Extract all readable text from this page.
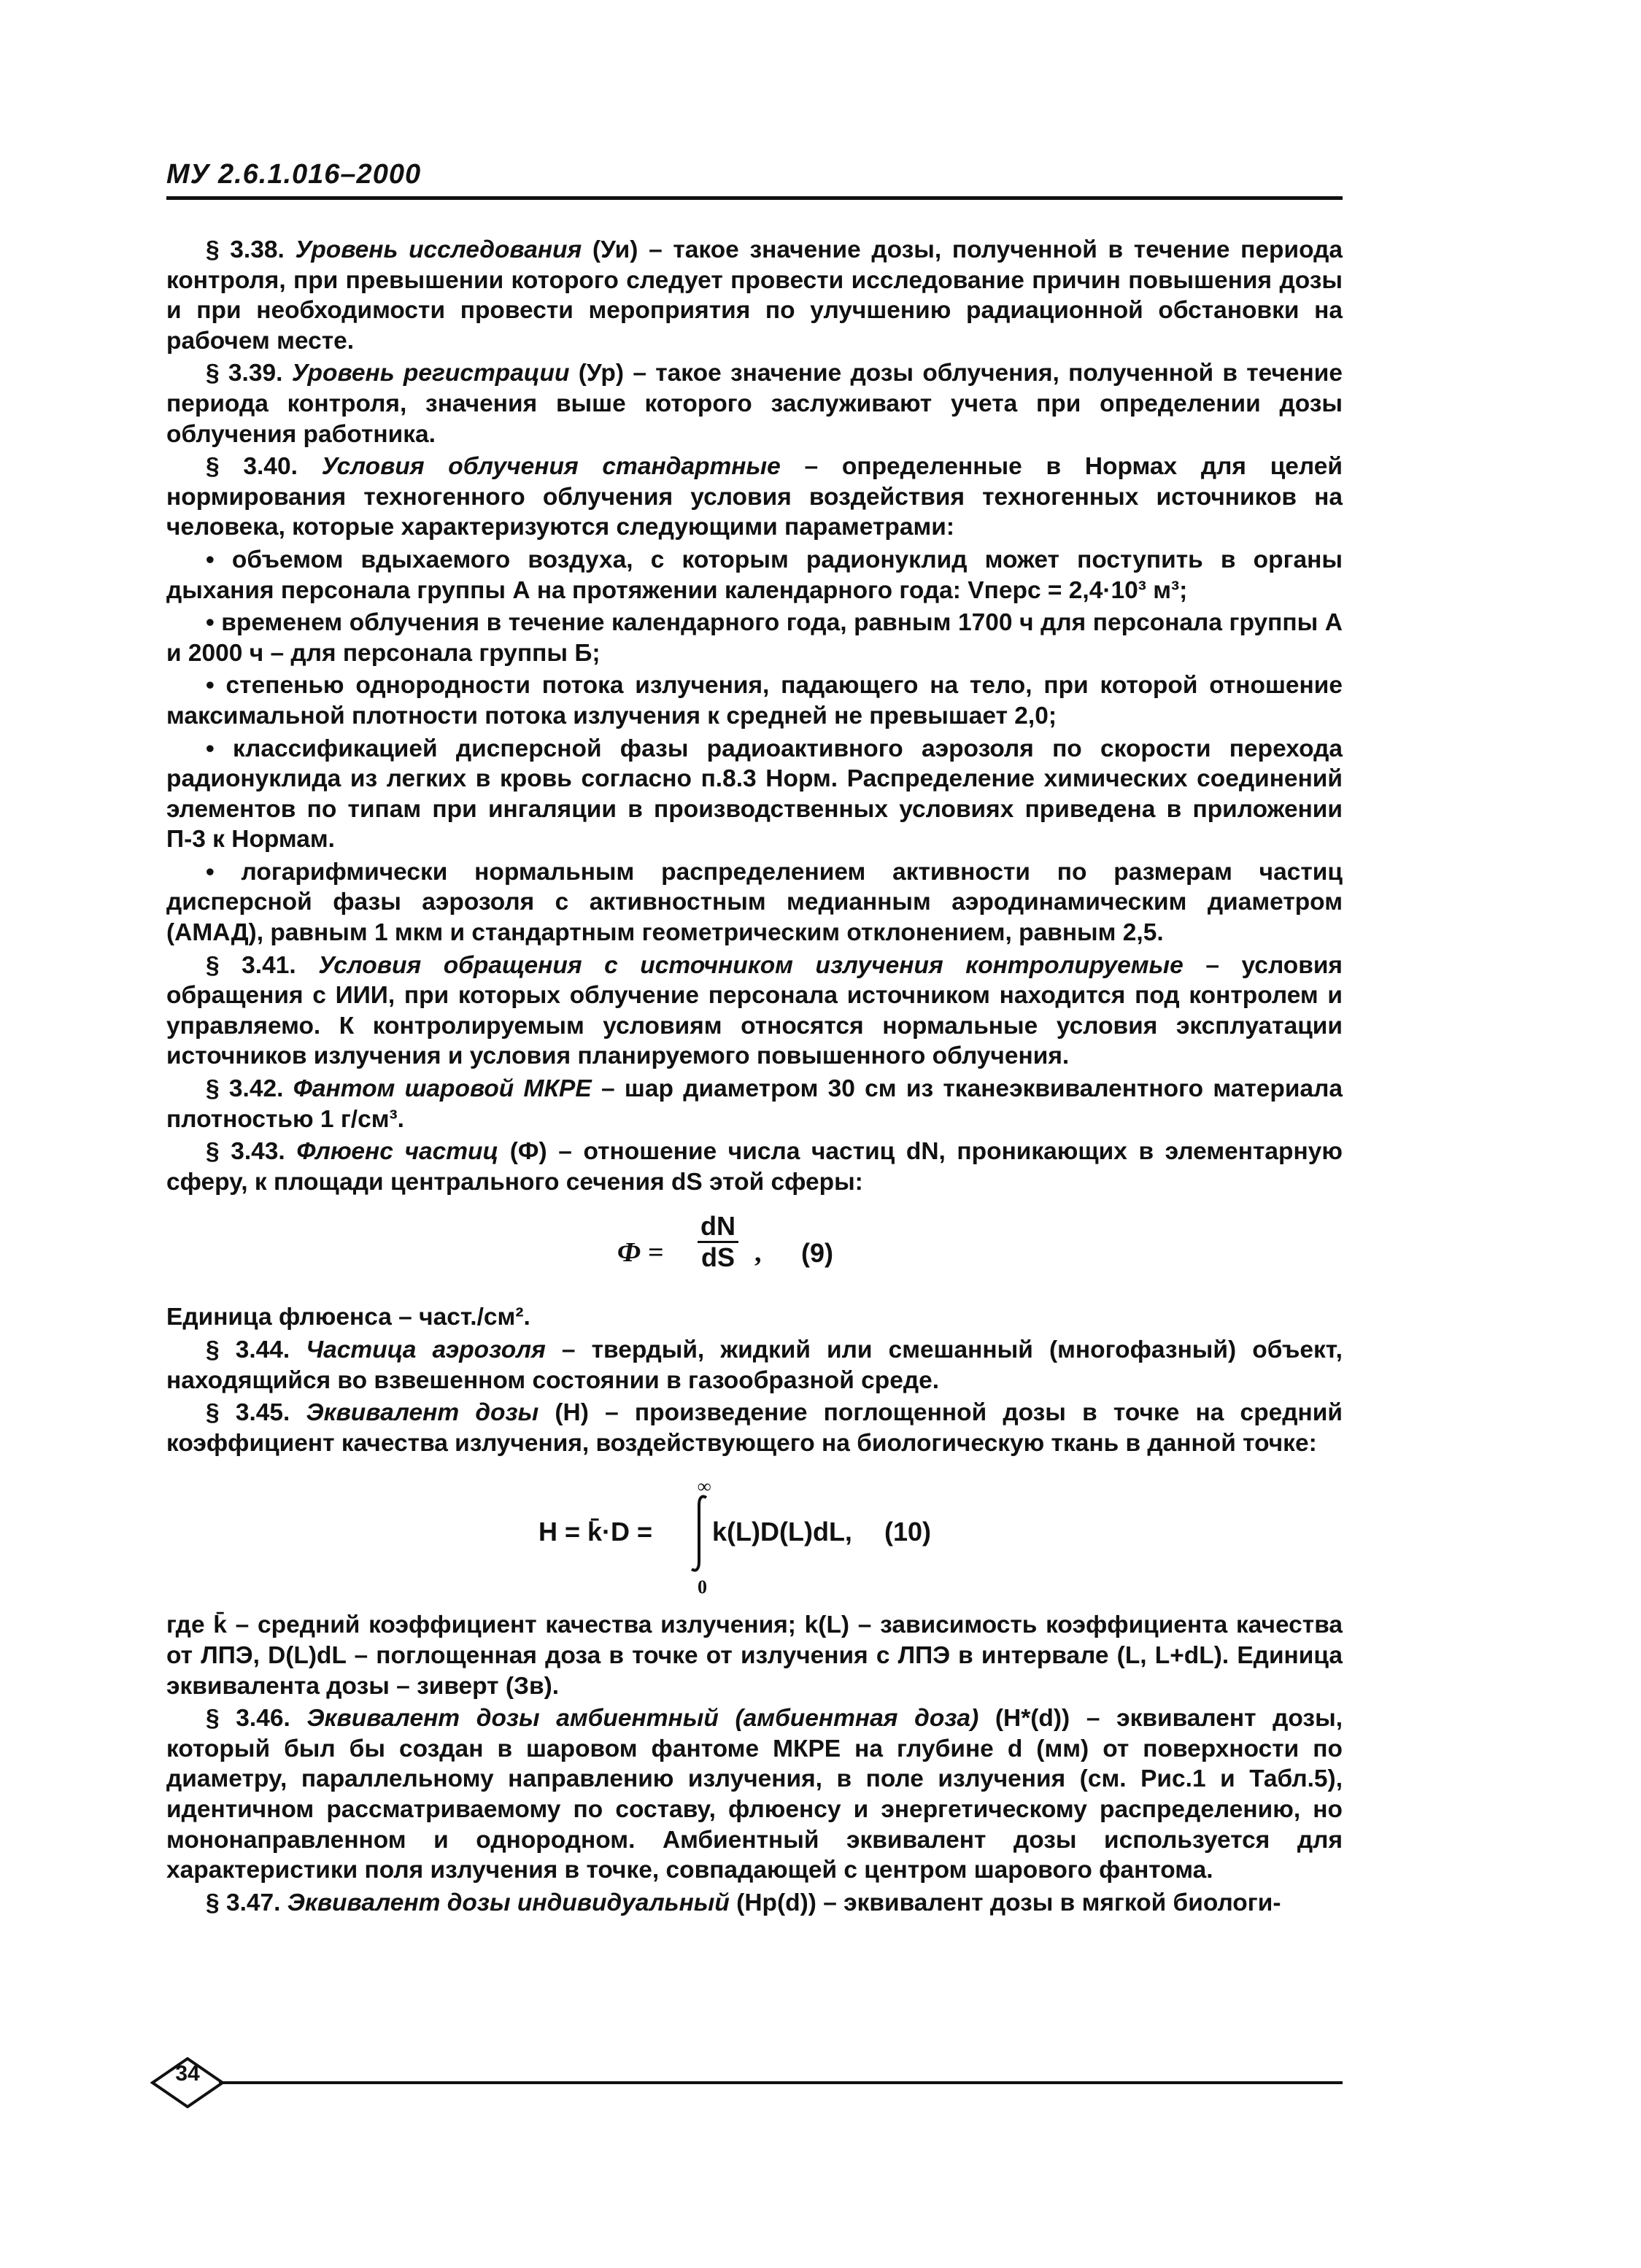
МУ 2.6.1.016–2000

§ 3.38. Уровень исследования (Уи) – такое значение дозы, полученной в течение периода контроля, при превышении которого следует провести исследование причин повышения дозы и при необходимости провести мероприятия по улучшению радиационной обстановки на рабочем месте.

§ 3.39. Уровень регистрации (Ур) – такое значение дозы облучения, полученной в течение периода контроля, значения выше которого заслуживают учета при определении дозы облучения работника.

§ 3.40. Условия облучения стандартные – определенные в Нормах для целей нормирования техногенного облучения условия воздействия техногенных источников на человека, которые характеризуются следующими параметрами:

• объемом вдыхаемого воздуха, с которым радионуклид может поступить в органы дыхания персонала группы А на протяжении календарного года: Vперс = 2,4·10³ м³;

• временем облучения в течение календарного года, равным 1700 ч для персонала группы А и 2000 ч – для персонала группы Б;

• степенью однородности потока излучения, падающего на тело, при которой отношение максимальной плотности потока излучения к средней не превышает 2,0;

• классификацией дисперсной фазы радиоактивного аэрозоля по скорости перехода радионуклида из легких в кровь согласно п.8.3 Норм. Распределение химических соединений элементов по типам при ингаляции в производственных условиях приведена в приложении П-3 к Нормам.

• логарифмически нормальным распределением активности по размерам частиц дисперсной фазы аэрозоля с активностным медианным аэродинамическим диаметром (АМАД), равным 1 мкм и стандартным геометрическим отклонением, равным 2,5.

§ 3.41. Условия обращения с источником излучения контролируемые – условия обращения с ИИИ, при которых облучение персонала источником находится под контролем и управляемо. К контролируемым условиям относятся нормальные условия эксплуатации источников излучения и условия планируемого повышенного облучения.

§ 3.42. Фантом шаровой МКРЕ – шар диаметром 30 см из тканеэквивалентного материала плотностью 1 г/см³.

§ 3.43. Флюенс частиц (Ф) – отношение числа частиц dN, проникающих в элементарную сферу, к площади центрального сечения dS этой сферы:

$Ф = \frac{dN}{dS}$ , (9)

Единица флюенса – част./см².

§ 3.44. Частица аэрозоля – твердый, жидкий или смешанный (многофазный) объект, находящийся во взвешенном состоянии в газообразной среде.

§ 3.45. Эквивалент дозы (Н) – произведение поглощенной дозы в точке на средний коэффициент качества излучения, воздействующего на биологическую ткань в данной точке:

H = k̄·D =
∞
0
k(L)D(L)dL, (10)

где k̄ – средний коэффициент качества излучения; k(L) – зависимость коэффициента качества от ЛПЭ, D(L)dL – поглощенная доза в точке от излучения с ЛПЭ в интервале (L, L+dL). Единица эквивалента дозы – зиверт (Зв).

§ 3.46. Эквивалент дозы амбиентный (амбиентная доза) (Н*(d)) – эквивалент дозы, который был бы создан в шаровом фантоме МКРЕ на глубине d (мм) от поверхности по диаметру, параллельному направлению излучения, в поле излучения (см. Рис.1 и Табл.5), идентичном рассматриваемому по составу, флюенсу и энергетическому распределению, но мононаправленном и однородном. Амбиентный эквивалент дозы используется для характеристики поля излучения в точке, совпадающей с центром шарового фантома.

§ 3.47. Эквивалент дозы индивидуальный (Нр(d)) – эквивалент дозы в мягкой биологи-

34
